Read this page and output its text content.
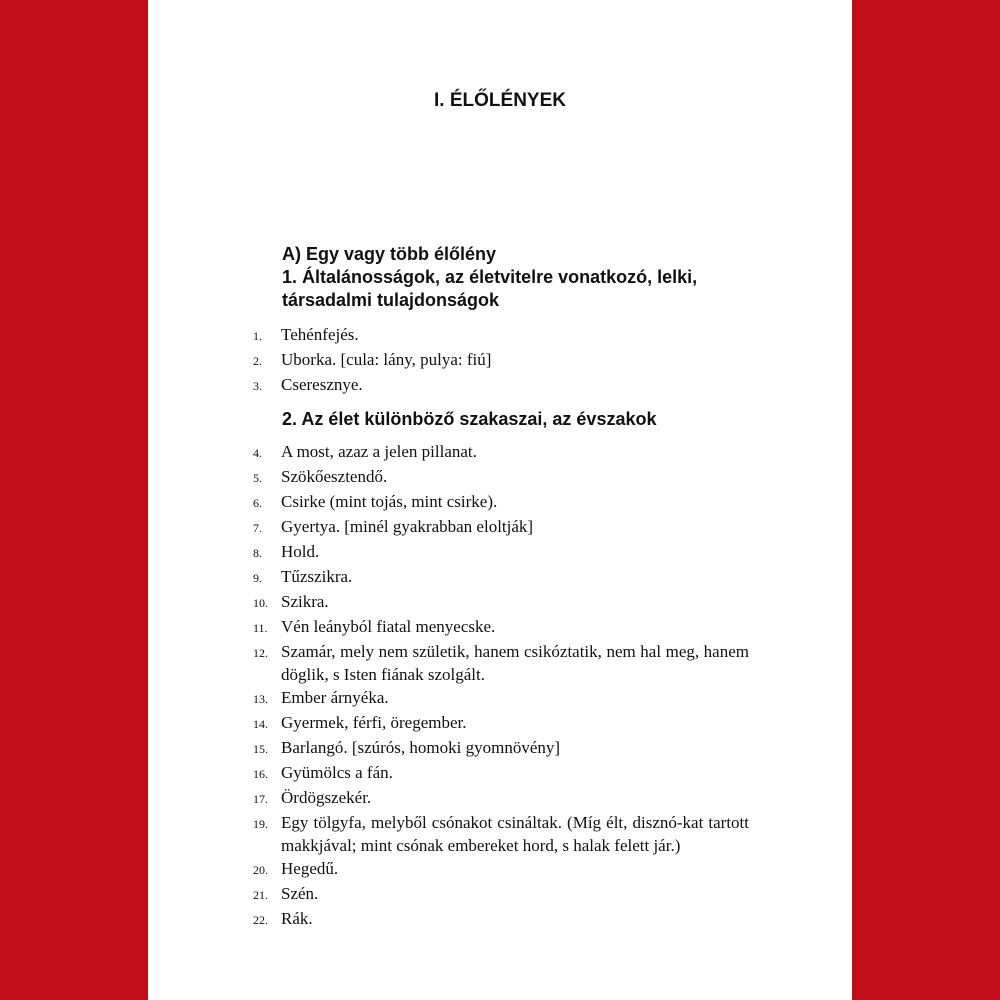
I. ÉLŐLÉNYEK

A) Egy vagy több élőlény

1. Általánosságok, az életvitelre vonatkozó, lelki,

társadalmi tulajdonságok

1.	Tehénfejés.
2.	Uborka. [cula: lány, pulya: fiú]
3.	Cseresznye.

2. Az élet különböző szakaszai, az évszakok

4.	A most, azaz a jelen pillanat.
5.	Szökőesztendő.
6.	Csirke (mint tojás, mint csirke).
7.	Gyertya. [minél gyakrabban eloltják]
8.	Hold.
9.	Tűzszikra.
10. Szikra.
11. Vén leányból fiatal menyecske.
12. Szamár, mely nem születik, hanem csikóztatik, nem hal meg, hanem döglik, s Isten fiának szolgált.
13. Ember árnyéka.
14. Gyermek, férfi, öregember.
15. Barlangó. [szúrós, homoki gyomnövény]
16. Gyümölcs a fán.
17. Ördögszekér.
19. Egy tölgyfa, melyből csónakot csináltak. (Míg élt, disznó-kat tartott makkjával; mint csónak embereket hord, s halak felett jár.)
20. Hegedű.
21. Szén.
22. Rák.
